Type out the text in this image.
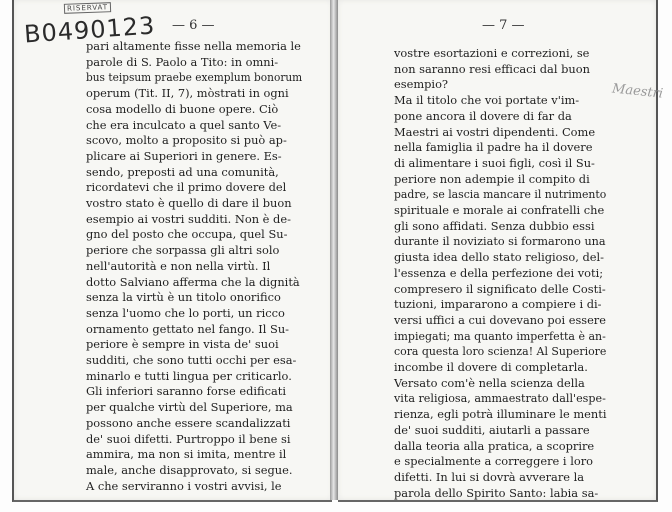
RISERVAT
B0490123 — 6 —	— 7 —
pari altamente fisse nella memoria le
parole di S. Paolo a Tito: in omni-
bus teipsum praebe exemplum bonorum
operum (Tit. II, 7), mòstrati in ogni
cosa modello di buone opere. Ciò
che era inculcato a quel santo Ve-
scovo, molto a proposito si può ap-
plicare ai Superiori in genere. Es-
sendo, preposti ad una comunità,
ricordatevi che il primo dovere del
vostro stato è quello di dare il buon
esempio ai vostri sudditi. Non è de-
gno del posto che occupa, quel Su-
periore che sorpassa gli altri solo
nell'autorità e non nella virtù. Il
dotto Salviano afferma che la dignità
senza la virtù è un titolo onorifico
senza l'uomo che lo porti, un ricco
ornamento gettato nel fango. Il Su-
periore è sempre in vista de' suoi
sudditi, che sono tutti occhi per esa-
minarlo e tutti lingua per criticarlo.
Gli inferiori saranno forse edificati
per qualche virtù del Superiore, ma
possono anche essere scandalizzati
de' suoi difetti. Purtroppo il bene si
ammira, ma non si imita, mentre il
male, anche disapprovato, si segue.
A che serviranno i vostri avvisi, le
vostre esortazioni e correzioni, se
non saranno resi efficaci dal buon
esempio?
Ma il titolo che voi portate v'im-
pone ancora il dovere di far da
Maestri ai vostri dipendenti. Come
nella famiglia il padre ha il dovere
di alimentare i suoi figli, così il Su-
periore non adempie il compito di
padre, se lascia mancare il nutrimento
spirituale e morale ai confratelli che
gli sono affidati. Senza dubbio essi
durante il noviziato si formarono una
giusta idea dello stato religioso, del-
l'essenza e della perfezione dei voti;
compresero il significato delle Costi-
tuzioni, impararono a compiere i di-
versi uffici a cui dovevano poi essere
impiegati; ma quanto imperfetta è an-
cora questa loro scienza! Al Superiore
incombe il dovere di completarla.
Versato com'è nella scienza della
vita religiosa, ammaestrato dall'espe-
rienza, egli potrà illuminare le menti
de' suoi sudditi, aiutarli a passare
dalla teoria alla pratica, a scoprire
e specialmente a correggere i loro
difetti. In lui si dovrà avverare la
parola dello Spirito Santo: labia sa-
Maestri
